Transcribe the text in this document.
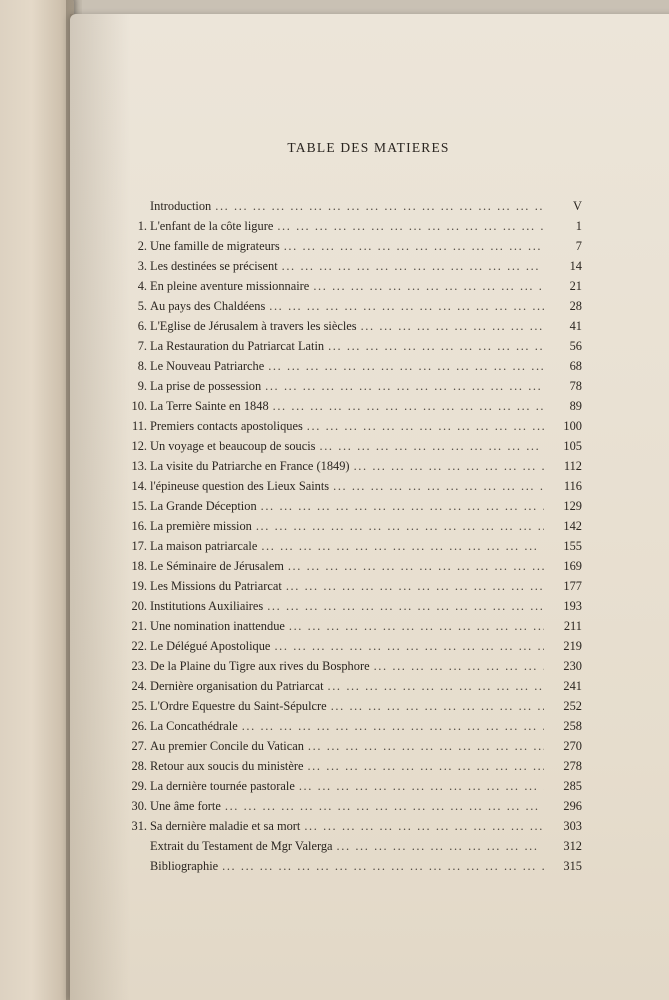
TABLE DES MATIERES
Introduction ... .	V
1. L'enfant de la côte ligure ... .	1
2. Une famille de migrateurs ... .	7
3. Les destinées se précisent ... .	14
4. En pleine aventure missionnaire ... .	21
5. Au pays des Chaldéens ... .	28
6. L'Eglise de Jérusalem à travers les siècles ... .	41
7. La Restauration du Patriarcat Latin ... .	56
8. Le Nouveau Patriarche ... .	68
9. La prise de possession ... .	78
10. La Terre Sainte en 1848 ... .	89
11. Premiers contacts apostoliques ... .	100
12. Un voyage et beaucoup de soucis ... .	105
13. La visite du Patriarche en France (1849) ... .	112
14. l'épineuse question des Lieux Saints ... .	116
15. La Grande Déception ... .	129
16. La première mission ... .	142
17. La maison patriarcale ... .	155
18. Le Séminaire de Jérusalem ... .	169
19. Les Missions du Patriarcat ... .	177
20. Institutions Auxiliaires ... .	193
21. Une nomination inattendue ... .	211
22. Le Délégué Apostolique ... .	219
23. De la Plaine du Tigre aux rives du Bosphore ... .	230
24. Dernière organisation du Patriarcat ... .	241
25. L'Ordre Equestre du Saint-Sépulcre ... .	252
26. La Concathédrale ... .	258
27. Au premier Concile du Vatican ... .	270
28. Retour aux soucis du ministère ... .	278
29. La dernière tournée pastorale ... .	285
30. Une âme forte ... .	296
31. Sa dernière maladie et sa mort ... .	303
Extrait du Testament de Mgr Valerga ... .	312
Bibliographie ... .	315
